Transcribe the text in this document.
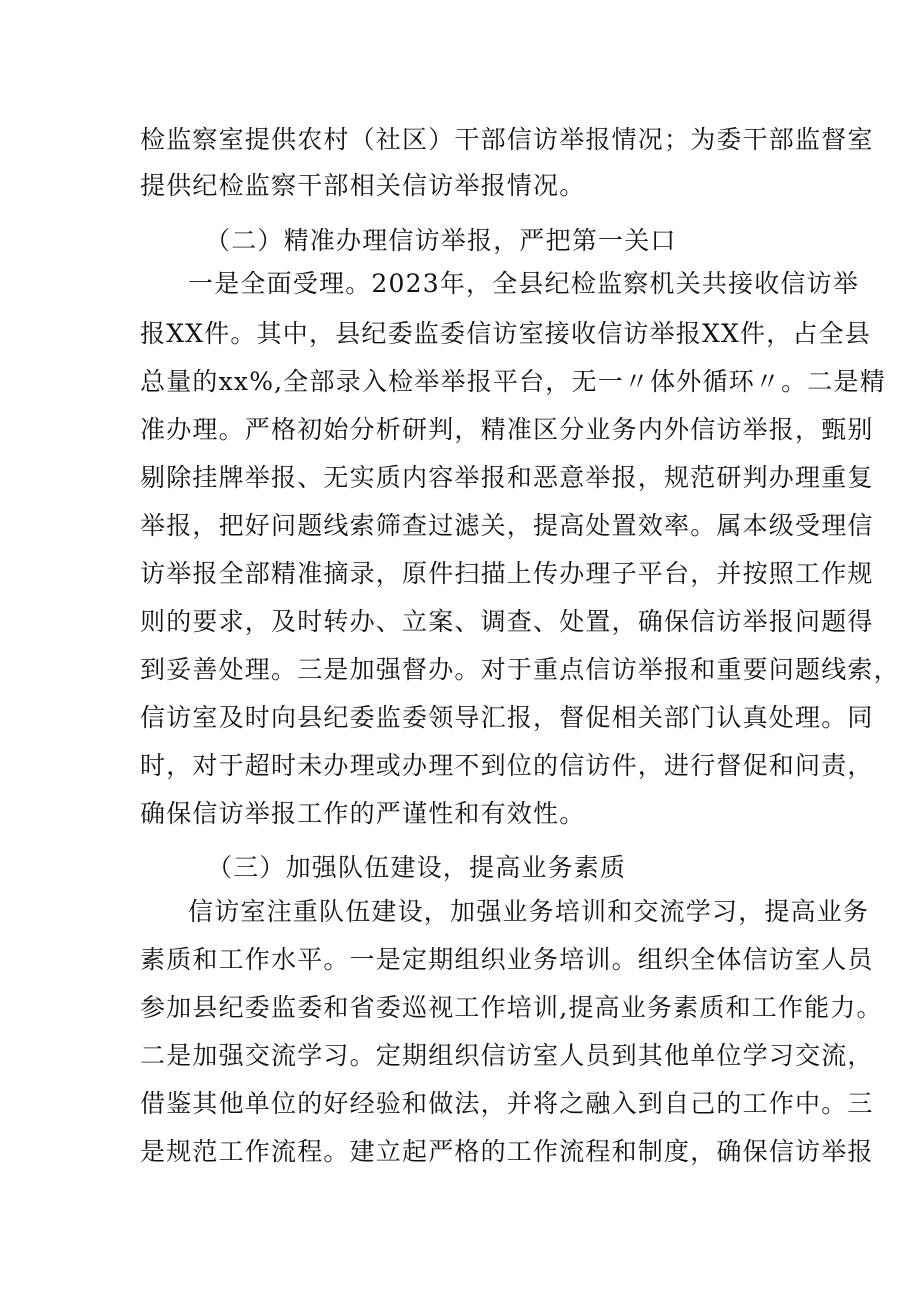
检监察室提供农村（社区）干部信访举报情况；为委干部监督室
提供纪检监察干部相关信访举报情况。
（二）精准办理信访举报，严把第一关口
一是全面受理。2023年，全县纪检监察机关共接收信访举
报XX件。其中，县纪委监委信访室接收信访举报XX件，占全县
总量的xx%,全部录入检举举报平台，无一〃体外循环〃。二是精
准办理。严格初始分析研判，精准区分业务内外信访举报，甄别
剔除挂牌举报、无实质内容举报和恶意举报，规范研判办理重复
举报，把好问题线索筛查过滤关，提高处置效率。属本级受理信
访举报全部精准摘录，原件扫描上传办理子平台，并按照工作规
则的要求，及时转办、立案、调查、处置，确保信访举报问题得
到妥善处理。三是加强督办。对于重点信访举报和重要问题线索，
信访室及时向县纪委监委领导汇报，督促相关部门认真处理。同
时，对于超时未办理或办理不到位的信访件，进行督促和问责，
确保信访举报工作的严谨性和有效性。
（三）加强队伍建设，提高业务素质
信访室注重队伍建设，加强业务培训和交流学习，提高业务
素质和工作水平。一是定期组织业务培训。组织全体信访室人员
参加县纪委监委和省委巡视工作培训,提高业务素质和工作能力。
二是加强交流学习。定期组织信访室人员到其他单位学习交流，
借鉴其他单位的好经验和做法，并将之融入到自己的工作中。三
是规范工作流程。建立起严格的工作流程和制度，确保信访举报
